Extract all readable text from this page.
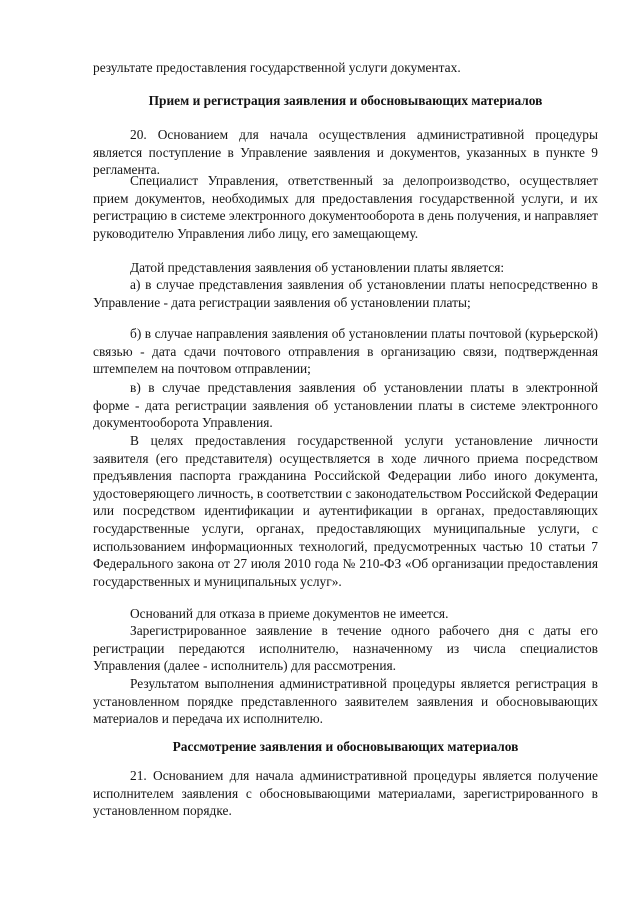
результате предоставления государственной услуги документах.

Прием и регистрация заявления и обосновывающих материалов

20. Основанием для начала осуществления административной процедуры является поступление в Управление заявления и документов, указанных в пункте 9 регламента.

Специалист Управления, ответственный за делопроизводство, осуществляет прием документов, необходимых для предоставления государственной услуги, и их регистрацию в системе электронного документооборота в день получения, и направляет руководителю Управления либо лицу, его замещающему.

Датой представления заявления об установлении платы является:

а) в случае представления заявления об установлении платы непосредственно в Управление - дата регистрации заявления об установлении платы;

б) в случае направления заявления об установлении платы почтовой (курьерской) связью - дата сдачи почтового отправления в организацию связи, подтвержденная штемпелем на почтовом отправлении;

в) в случае представления заявления об установлении платы в электронной форме - дата регистрации заявления об установлении платы в системе электронного документооборота Управления.

В целях предоставления государственной услуги установление личности заявителя (его представителя) осуществляется в ходе личного приема посредством предъявления паспорта гражданина Российской Федерации либо иного документа, удостоверяющего личность, в соответствии с законодательством Российской Федерации или посредством идентификации и аутентификации в органах, предоставляющих государственные услуги, органах, предоставляющих муниципальные услуги, с использованием информационных технологий, предусмотренных частью 10 статьи 7 Федерального закона от 27 июля 2010 года № 210-ФЗ «Об организации предоставления государственных и муниципальных услуг».

Оснований для отказа в приеме документов не имеется.

Зарегистрированное заявление в течение одного рабочего дня с даты его регистрации передаются исполнителю, назначенному из числа специалистов Управления (далее - исполнитель) для рассмотрения.

Результатом выполнения административной процедуры является регистрация в установленном порядке представленного заявителем заявления и обосновывающих материалов и передача их исполнителю.

Рассмотрение заявления и обосновывающих материалов

21. Основанием для начала административной процедуры является получение исполнителем заявления с обосновывающими материалами, зарегистрированного в установленном порядке.
